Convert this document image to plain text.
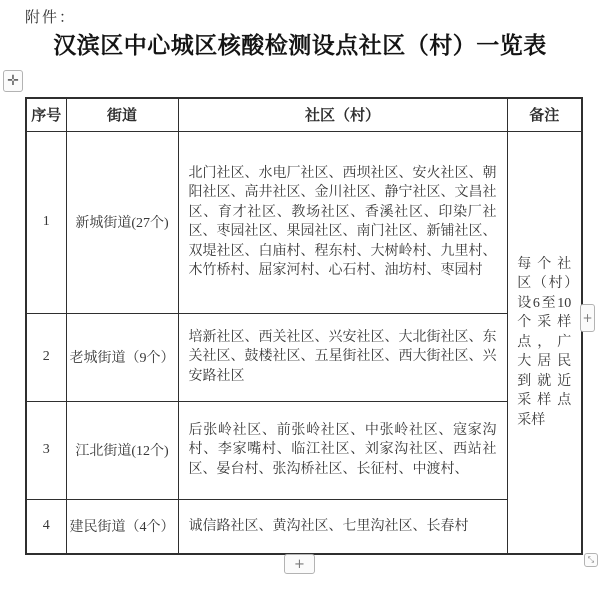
附件：
汉滨区中心城区核酸检测设点社区（村）一览表
✛
序号	街道	社区（村）	备注
1	新城街道(27个)	北门社区、水电厂社区、西坝社区、安火社区、朝阳社区、高井社区、金川社区、静宁社区、文昌社区、育才社区、教场社区、香溪社区、印染厂社区、枣园社区、果园社区、南门社区、新铺社区、双堤社区、白庙村、程东村、大树岭村、九里村、木竹桥村、屈家河村、心石村、油坊村、枣园村	每个社区（村）设6至10个采样点，广大居民到就近采样点采样

2	老城街道（9个）	培新社区、西关社区、兴安社区、大北街社区、东关社区、鼓楼社区、五星街社区、西大街社区、兴安路社区	
3	江北街道(12个)	后张岭社区、前张岭社区、中张岭社区、寇家沟村、李家嘴村、临江社区、刘家沟社区、西站社区、晏台村、张沟桥社区、长征村、中渡村、	
4	建民街道（4个）	诚信路社区、黄沟社区、七里沟社区、长春村	
+
+	⤡
